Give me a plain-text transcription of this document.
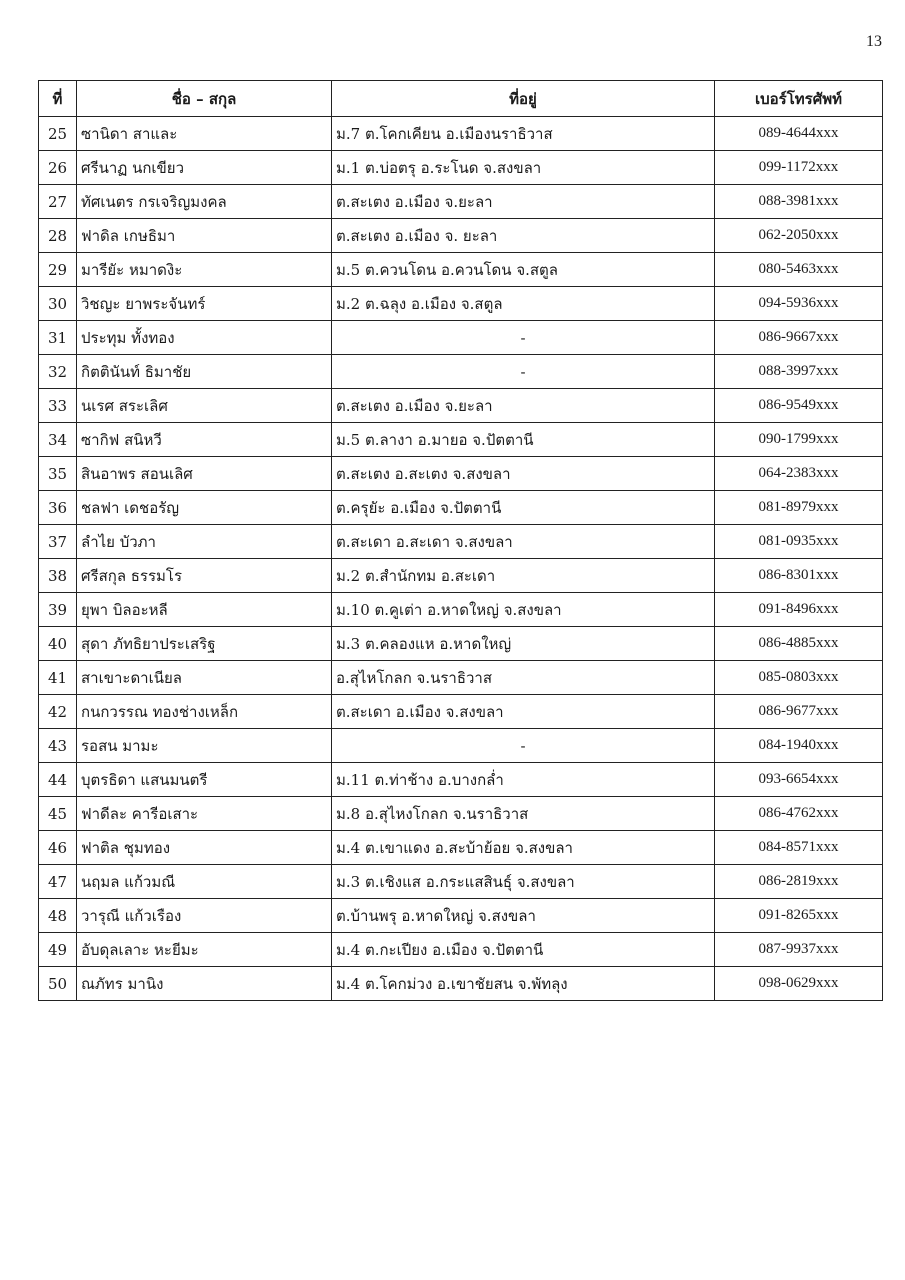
13
ที่	ชื่อ – สกุล	ที่อยู่	เบอร์โทรศัพท์
25	ซานิดา สาและ	ม.7 ต.โคกเคียน อ.เมืองนราธิวาส	089-4644xxx
26	ศรีนาฏ นกเขียว	ม.1 ต.บ่อตรุ อ.ระโนด จ.สงขลา	099-1172xxx
27	ทัศเนตร กรเจริญมงคล	ต.สะเตง อ.เมือง จ.ยะลา	088-3981xxx
28	ฟาดิล เกษธิมา	ต.สะเตง อ.เมือง จ. ยะลา	062-2050xxx
29	มารียัะ หมาดงิะ	ม.5 ต.ควนโดน อ.ควนโดน จ.สตูล	080-5463xxx
30	วิชญะ ยาพระจันทร์	ม.2 ต.ฉลุง อ.เมือง จ.สตูล	094-5936xxx
31	ประทุม ทั้งทอง	-	086-9667xxx
32	กิตตินันท์ ธิมาชัย	-	088-3997xxx
33	นเรศ สระเลิศ	ต.สะเตง อ.เมือง จ.ยะลา	086-9549xxx
34	ซากิฟ สนิหวี	ม.5 ต.ลางา อ.มายอ จ.ปัตตานี	090-1799xxx
35	สินอาพร สอนเลิศ	ต.สะเตง อ.สะเตง จ.สงขลา	064-2383xxx
36	ชลฟา เดชอรัญ	ต.ครุยัะ อ.เมือง จ.ปัตตานี	081-8979xxx
37	ลำไย บัวภา	ต.สะเดา อ.สะเดา จ.สงขลา	081-0935xxx
38	ศรีสกุล ธรรมโร	ม.2 ต.สำนักทม อ.สะเดา	086-8301xxx
39	ยุพา บิลอะหลี	ม.10 ต.คูเต่า อ.หาดใหญ่ จ.สงขลา	091-8496xxx
40	สุดา ภัทธิยาประเสริฐ	ม.3 ต.คลองแห อ.หาดใหญ่	086-4885xxx
41	สาเขาะดาเนียล	อ.สุไหโกลก จ.นราธิวาส	085-0803xxx
42	กนกวรรณ ทองช่างเหล็ก	ต.สะเดา อ.เมือง จ.สงขลา	086-9677xxx
43	รอสน มามะ	-	084-1940xxx
44	บุตรธิดา แสนมนตรี	ม.11 ต.ท่าช้าง อ.บางกล่ำ	093-6654xxx
45	ฟาดีละ คารีอเสาะ	ม.8 อ.สุไหงโกลก จ.นราธิวาส	086-4762xxx
46	ฟาติล ชุมทอง	ม.4 ต.เขาแดง อ.สะบ้าย้อย จ.สงขลา	084-8571xxx
47	นฤมล แก้วมณี	ม.3 ต.เชิงแส อ.กระแสสินธุ์ จ.สงขลา	086-2819xxx
48	วารุณี แก้วเรือง	ต.บ้านพรุ อ.หาดใหญ่ จ.สงขลา	091-8265xxx
49	อับดุลเลาะ หะยีมะ	ม.4 ต.กะเปียง อ.เมือง จ.ปัตตานี	087-9937xxx
50	ณภัทร มานิง	ม.4 ต.โคกม่วง อ.เขาชัยสน จ.พัทลุง	098-0629xxx
